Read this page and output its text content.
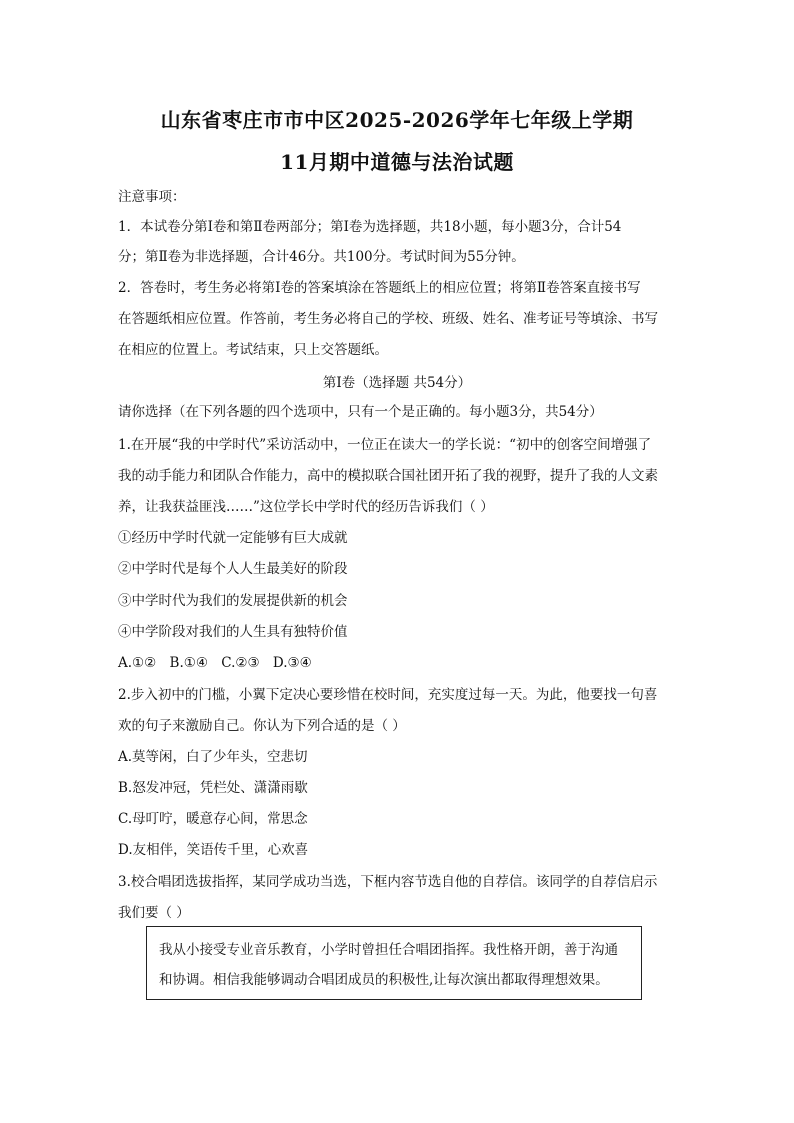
山东省枣庄市市中区2025-2026学年七年级上学期
11月期中道德与法治试题
注意事项：
1．本试卷分第Ⅰ卷和第Ⅱ卷两部分；第Ⅰ卷为选择题，共18小题，每小题3分，合计54
分；第Ⅱ卷为非选择题，合计46分。共100分。考试时间为55分钟。
2．答卷时，考生务必将第Ⅰ卷的答案填涂在答题纸上的相应位置；将第Ⅱ卷答案直接书写
在答题纸相应位置。作答前，考生务必将自己的学校、班级、姓名、准考证号等填涂、书写
在相应的位置上。考试结束，只上交答题纸。
第Ⅰ卷（选择题 共54分）
请你选择（在下列各题的四个选项中，只有一个是正确的。每小题3分，共54分）
1.在开展“我的中学时代”采访活动中，一位正在读大一的学长说：“初中的创客空间增强了
我的动手能力和团队合作能力，高中的模拟联合国社团开拓了我的视野，提升了我的人文素
养，让我获益匪浅……”这位学长中学时代的经历告诉我们（ ）
①经历中学时代就一定能够有巨大成就
②中学时代是每个人人生最美好的阶段
③中学时代为我们的发展提供新的机会
④中学阶段对我们的人生具有独特价值
A.①② B.①④ C.②③ D.③④
2.步入初中的门槛，小翼下定决心要珍惜在校时间，充实度过每一天。为此，他要找一句喜
欢的句子来激励自己。你认为下列合适的是（ ）
A.莫等闲，白了少年头，空悲切
B.怒发冲冠，凭栏处、潇潇雨歇
C.母叮咛，暖意存心间，常思念
D.友相伴，笑语传千里，心欢喜
3.校合唱团选拔指挥，某同学成功当选，下框内容节选自他的自荐信。该同学的自荐信启示
我们要（ ）
我从小接受专业音乐教育，小学时曾担任合唱团指挥。我性格开朗，善于沟通
和协调。相信我能够调动合唱团成员的积极性,让每次演出都取得理想效果。
